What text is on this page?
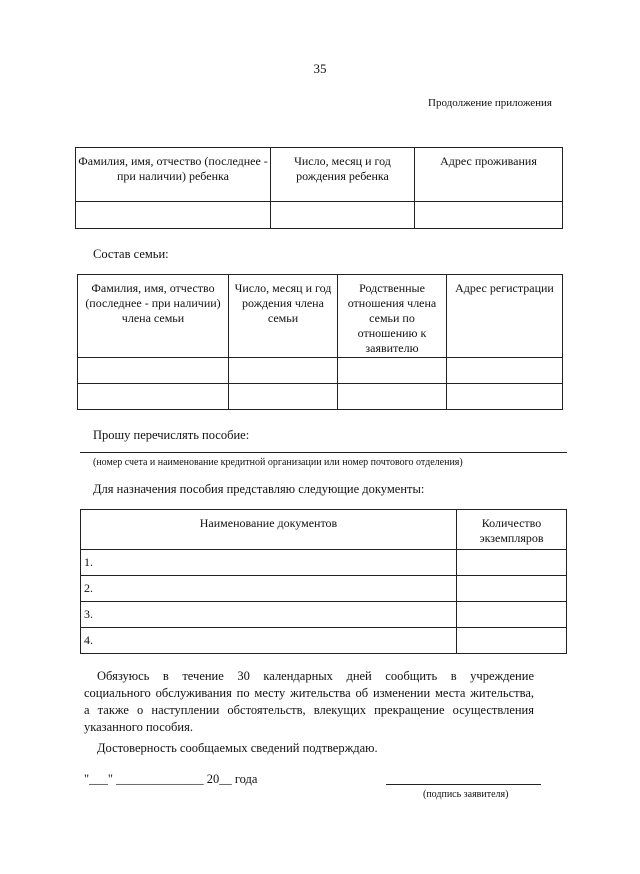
35
Продолжение приложения
Фамилия, имя, отчество (последнее - при наличии) ребенка	Число, месяц и год рождения ребенка	Адрес проживания

Состав семьи:
Фамилия, имя, отчество (последнее - при наличии) члена семьи	Число, месяц и год рождения члена семьи	Родственные отношения члена семьи по отношению к заявителю	Адрес регистрации

Прошу перечислять пособие:
(номер счета и наименование кредитной организации или номер почтового отделения)
Для назначения пособия представляю следующие документы:
Наименование документов	Количество экземпляров
1.	
2.	
3.	
4.	
Обязуюсь в течение 30 календарных дней сообщить в учреждение
социального обслуживания по месту жительства об изменении места жительства,
а также о наступлении обстоятельств, влекущих прекращение осуществления
указанного пособия.
Достоверность сообщаемых сведений подтверждаю.
"___" ______________ 20__ года
(подпись заявителя)
